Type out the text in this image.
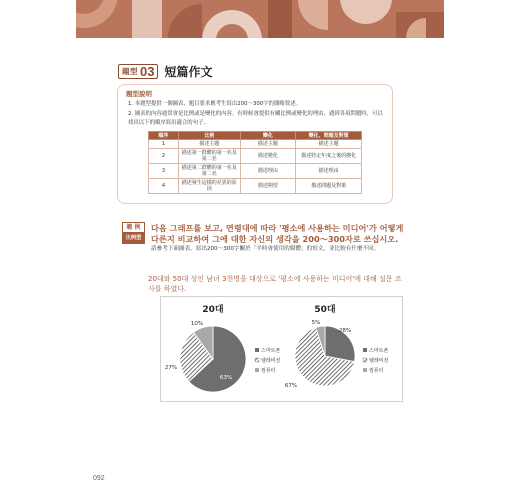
題型 03 短篇作文
題型說明
1. 本題型提供一個圖表，題目要求應考生寫出200～300字的簡略敘述。
2. 圖表的內容通常會是比例或是變化的內容。有時候會提供有關比例或變化的理由，遇到各項問題時，可以找出以下的順序寫出適合的句子。
順序	比例	變化	變化、問題及對策
1	描述主題	描述主題	描述主題
2	描述第一群體的第一名及第二名	描述變化	描述特定年度之後的變化
3	描述第二群體的第一名及第二名	描述理由	描述理由
4	描述發生這樣的差異的原因	描述期望	描述問題及對策
範 例
比例型
다음 그래프를 보고, 연령대에 따라 '평소에 사용하는 미디어'가 어떻게 다른지 비교하여 그에 대한 자신의 생각을 200～300자로 쓰십시오.
請參考下面圖表，寫出200～300字關於「平時會使用的媒體」的短文，並比較有什麼不同。
20대와 50대 성인 남녀 3천명을 대상으로 '평소에 사용하는 미디어'에 대해 설문 조사를 하였다.
20대
63%
27%
10%
스마트폰
텔레비전
컴퓨터
50대
28%
67%
5%
스마트폰
텔레비전
컴퓨터
092
